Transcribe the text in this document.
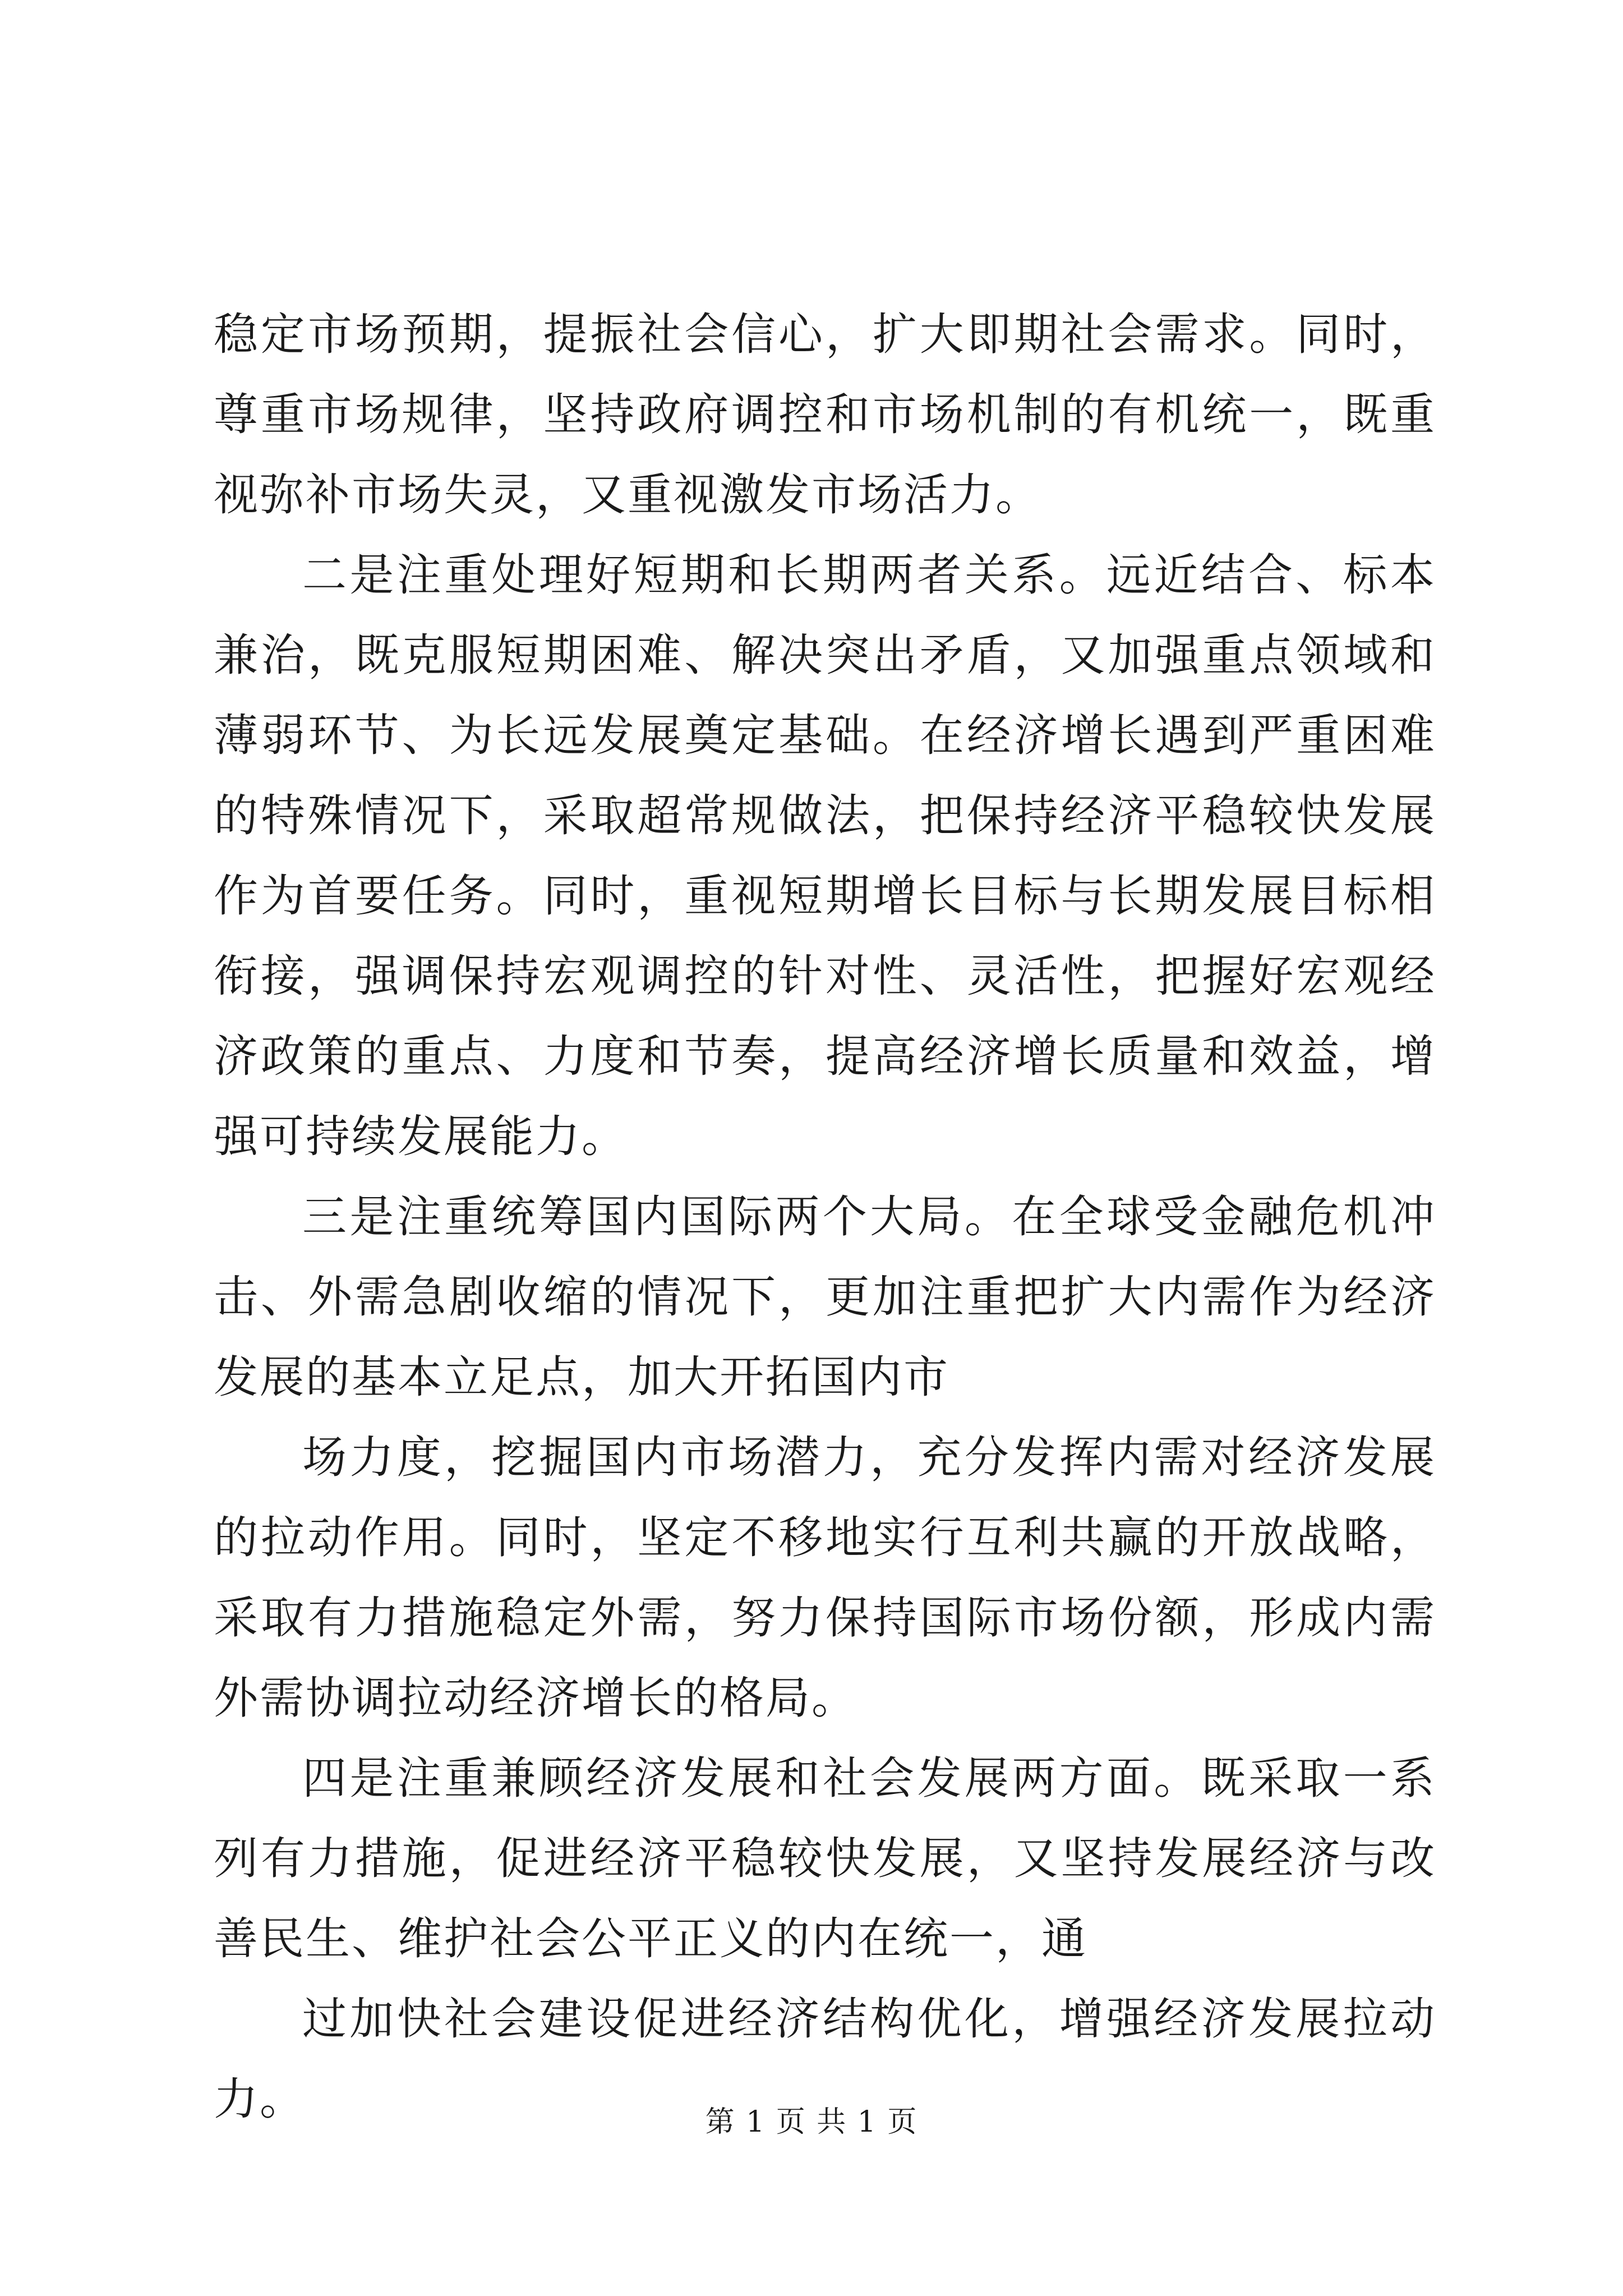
稳定市场预期，提振社会信心，扩大即期社会需求。同时，尊重市场规律，坚持政府调控和市场机制的有机统一，既重视弥补市场失灵，又重视激发市场活力。

二是注重处理好短期和长期两者关系。远近结合、标本兼治，既克服短期困难、解决突出矛盾，又加强重点领域和薄弱环节、为长远发展奠定基础。在经济增长遇到严重困难的特殊情况下，采取超常规做法，把保持经济平稳较快发展作为首要任务。同时，重视短期增长目标与长期发展目标相衔接，强调保持宏观调控的针对性、灵活性，把握好宏观经济政策的重点、力度和节奏，提高经济增长质量和效益，增强可持续发展能力。

三是注重统筹国内国际两个大局。在全球受金融危机冲击、外需急剧收缩的情况下，更加注重把扩大内需作为经济发展的基本立足点，加大开拓国内市

场力度，挖掘国内市场潜力，充分发挥内需对经济发展的拉动作用。同时，坚定不移地实行互利共赢的开放战略，采取有力措施稳定外需，努力保持国际市场份额，形成内需外需协调拉动经济增长的格局。

四是注重兼顾经济发展和社会发展两方面。既采取一系列有力措施，促进经济平稳较快发展，又坚持发展经济与改善民生、维护社会公平正义的内在统一，通

过加快社会建设促进经济结构优化，增强经济发展拉动力。	第 1 页 共 1 页
